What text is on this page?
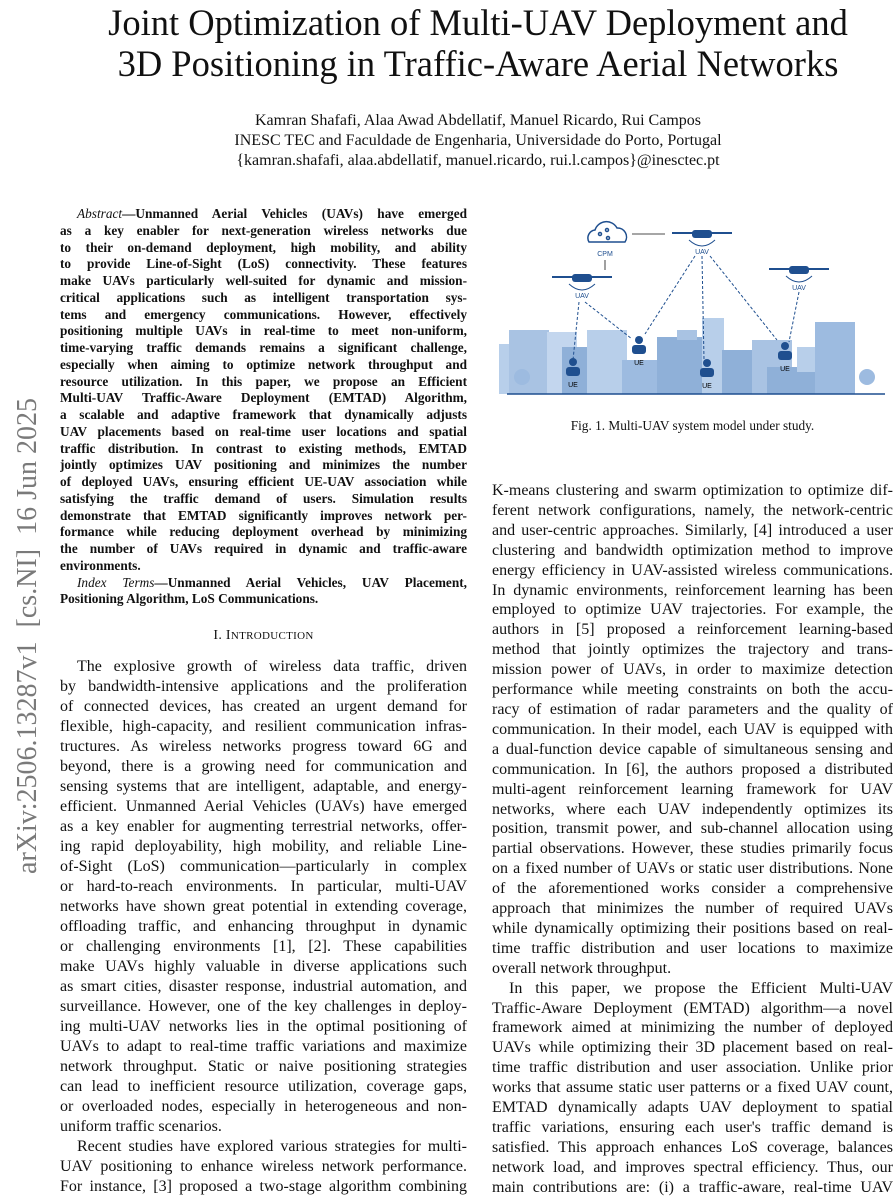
Joint Optimization of Multi-UAV Deployment and
3D Positioning in Traffic-Aware Aerial Networks
Kamran Shafafi, Alaa Awad Abdellatif, Manuel Ricardo, Rui Campos
INESC TEC and Faculdade de Engenharia, Universidade do Porto, Portugal
{kamran.shafafi, alaa.abdellatif, manuel.ricardo, rui.l.campos}@inesctec.pt
arXiv:2506.13287v1  [cs.NI]  16 Jun 2025
Abstract—Unmanned Aerial Vehicles (UAVs) have emerged
as a key enabler for next-generation wireless networks due
to their on-demand deployment, high mobility, and ability
to provide Line-of-Sight (LoS) connectivity. These features
make UAVs particularly well-suited for dynamic and mission-
critical applications such as intelligent transportation sys-
tems and emergency communications. However, effectively
positioning multiple UAVs in real-time to meet non-uniform,
time-varying traffic demands remains a significant challenge,
especially when aiming to optimize network throughput and
resource utilization. In this paper, we propose an Efficient
Multi-UAV Traffic-Aware Deployment (EMTAD) Algorithm,
a scalable and adaptive framework that dynamically adjusts
UAV placements based on real-time user locations and spatial
traffic distribution. In contrast to existing methods, EMTAD
jointly optimizes UAV positioning and minimizes the number
of deployed UAVs, ensuring efficient UE-UAV association while
satisfying the traffic demand of users. Simulation results
demonstrate that EMTAD significantly improves network per-
formance while reducing deployment overhead by minimizing
the number of UAVs required in dynamic and traffic-aware
environments.
Index Terms—Unmanned Aerial Vehicles, UAV Placement,
Positioning Algorithm, LoS Communications.
I. INTRODUCTION
The explosive growth of wireless data traffic, driven
by bandwidth-intensive applications and the proliferation
of connected devices, has created an urgent demand for
flexible, high-capacity, and resilient communication infras-
tructures. As wireless networks progress toward 6G and
beyond, there is a growing need for communication and
sensing systems that are intelligent, adaptable, and energy-
efficient. Unmanned Aerial Vehicles (UAVs) have emerged
as a key enabler for augmenting terrestrial networks, offer-
ing rapid deployability, high mobility, and reliable Line-
of-Sight (LoS) communication—particularly in complex
or hard-to-reach environments. In particular, multi-UAV
networks have shown great potential in extending coverage,
offloading traffic, and enhancing throughput in dynamic
or challenging environments [1], [2]. These capabilities
make UAVs highly valuable in diverse applications such
as smart cities, disaster response, industrial automation, and
surveillance. However, one of the key challenges in deploy-
ing multi-UAV networks lies in the optimal positioning of
UAVs to adapt to real-time traffic variations and maximize
network throughput. Static or naive positioning strategies
can lead to inefficient resource utilization, coverage gaps,
or overloaded nodes, especially in heterogeneous and non-
uniform traffic scenarios.
Recent studies have explored various strategies for multi-
UAV positioning to enhance wireless network performance.
For instance, [3] proposed a two-stage algorithm combining
CPM
UAV
UAV
UAV
UE
UE
UE
UE
Fig. 1. Multi-UAV system model under study.
K-means clustering and swarm optimization to optimize dif-
ferent network configurations, namely, the network-centric
and user-centric approaches. Similarly, [4] introduced a user
clustering and bandwidth optimization method to improve
energy efficiency in UAV-assisted wireless communications.
In dynamic environments, reinforcement learning has been
employed to optimize UAV trajectories. For example, the
authors in [5] proposed a reinforcement learning-based
method that jointly optimizes the trajectory and trans-
mission power of UAVs, in order to maximize detection
performance while meeting constraints on both the accu-
racy of estimation of radar parameters and the quality of
communication. In their model, each UAV is equipped with
a dual-function device capable of simultaneous sensing and
communication. In [6], the authors proposed a distributed
multi-agent reinforcement learning framework for UAV
networks, where each UAV independently optimizes its
position, transmit power, and sub-channel allocation using
partial observations. However, these studies primarily focus
on a fixed number of UAVs or static user distributions. None
of the aforementioned works consider a comprehensive
approach that minimizes the number of required UAVs
while dynamically optimizing their positions based on real-
time traffic distribution and user locations to maximize
overall network throughput.
In this paper, we propose the Efficient Multi-UAV
Traffic-Aware Deployment (EMTAD) algorithm—a novel
framework aimed at minimizing the number of deployed
UAVs while optimizing their 3D placement based on real-
time traffic distribution and user association. Unlike prior
works that assume static user patterns or a fixed UAV count,
EMTAD dynamically adapts UAV deployment to spatial
traffic variations, ensuring each user's traffic demand is
satisfied. This approach enhances LoS coverage, balances
network load, and improves spectral efficiency. Thus, our
main contributions are: (i) a traffic-aware, real-time UAV
